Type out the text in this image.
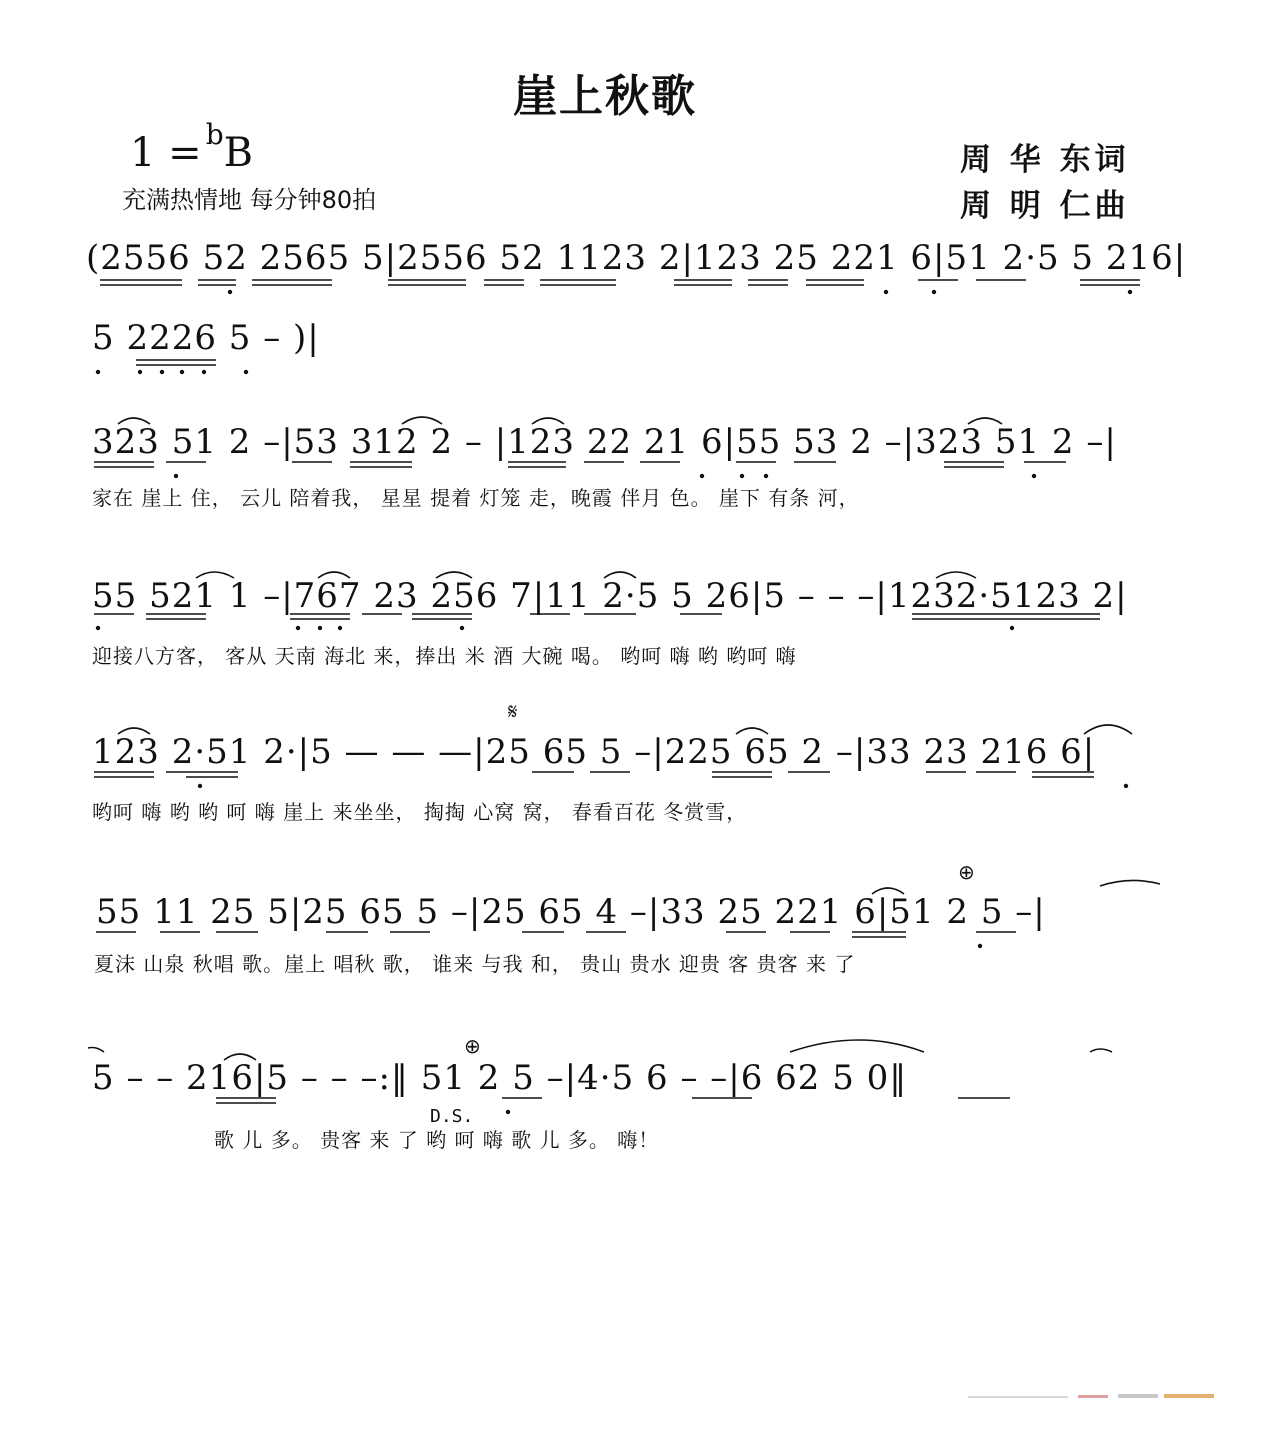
崖上秋歌
1 = $^b$B
充满热情地 每分钟80拍
周 华 东词
周 明 仁曲
(2556 52 2565 5|2556 52 1123 2|123 25 221 6|51 2·5 5 216|
5 2226 5 – )|
323 51 2 –|53 312 2 – |123 22 21 6|55 53 2 –|323 51 2 –|
家在 崖上 住， 云儿 陪着我， 星星 提着 灯笼 走，晚霞 伴月 色。 崖下 有条 河，
55 521 1 –|767 23 256 7|11 2·5 5 26|5 – – –|1232·5123 2|
迎接八方客， 客从 天南 海北 来，捧出 米 酒 大碗 喝。 哟呵 嗨 哟 哟呵 嗨
𝄋
123 2·51 2·|5 — — —|25 65 5 –|225 65 2 –|33 23 216 6|
哟呵 嗨 哟 哟 呵 嗨 崖上 来坐坐， 掏掏 心窝 窝， 春看百花 冬赏雪，
⊕
55 11 25 5|25 65 5 –|25 65 4 –|33 25 221 6|51 2 5 –|
夏沫 山泉 秋唱 歌。崖上 唱秋 歌， 谁来 与我 和， 贵山 贵水 迎贵 客 贵客 来 了
⊕
5 – – 216|5 – – –:‖ 51 2 5 –|4·5 6 – –|6 62 5 0‖
D.S.
歌 儿 多。 贵客 来 了 哟 呵 嗨 歌 儿 多。 嗨！
